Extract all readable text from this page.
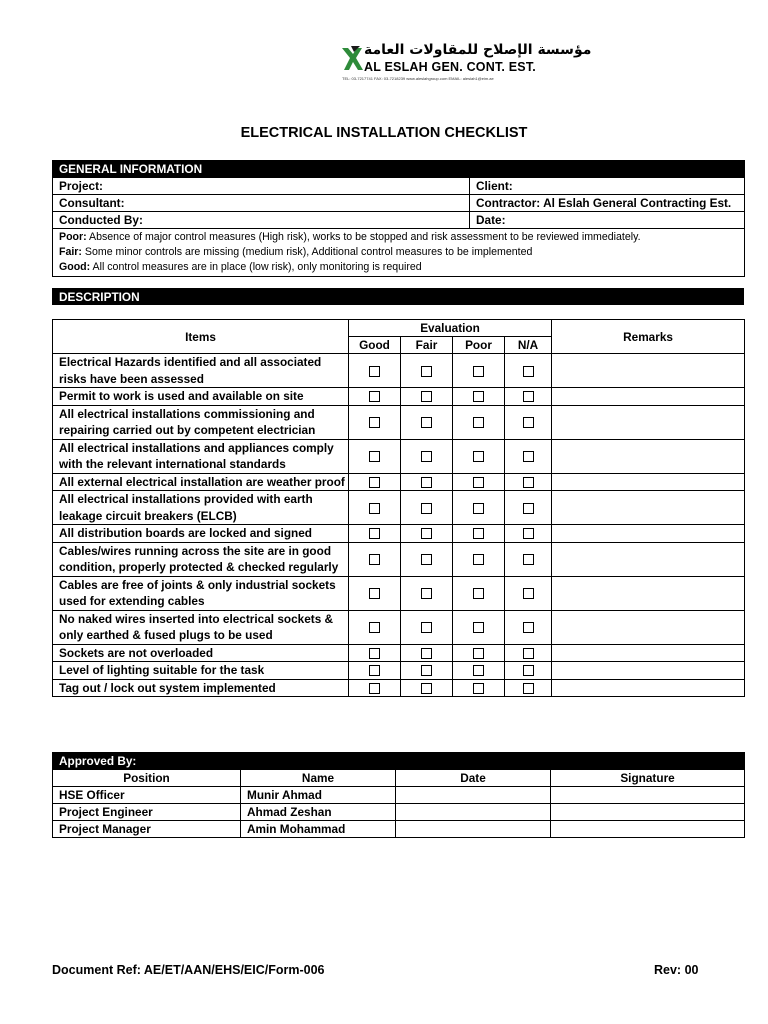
مؤسسة الإصلاح للمقاولات العامة
AL ESLAH GEN. CONT. EST.
TEL: 03-7217741 FAX: 03-7218239 www.aleslahgroup.com EMAIL: aleslah1@eim.ae
ELECTRICAL INSTALLATION CHECKLIST
GENERAL INFORMATION	
Project:	Client:
Consultant:	Contractor: Al Eslah General Contracting Est.
Conducted By:	Date:

Poor: Absence of major control measures (High risk), works to be stopped and risk assessment to be reviewed immediately.
Fair: Some minor controls are missing (medium risk), Additional control measures to be implemented
Good: All control measures are in place (low risk), only monitoring is required	
DESCRIPTION
Items	Evaluation				Remarks
	Good	Fair	Poor	N/A	
Electrical Hazards identified and all associated risks have been assessed					
Permit to work is used and available on site					
All electrical installations commissioning and repairing carried out by competent electrician					
All electrical installations and appliances comply with the relevant international standards					
All external electrical installation are weather proof					
All electrical installations provided with earth leakage circuit breakers (ELCB)					
All distribution boards are locked and signed					
Cables/wires running across the site are in good condition, properly protected & checked regularly					
Cables are free of joints & only industrial sockets used for extending cables					
No naked wires inserted into electrical sockets & only earthed & fused plugs to be used					
Sockets are not overloaded					
Level of lighting suitable for the task					
Tag out / lock out system implemented					
Approved By:			
Position	Name	Date	Signature
HSE Officer	Munir Ahmad		
Project Engineer	Ahmad Zeshan		
Project Manager	Amin Mohammad		
Document Ref: AE/ET/AAN/EHS/EIC/Form-006	Rev: 00
